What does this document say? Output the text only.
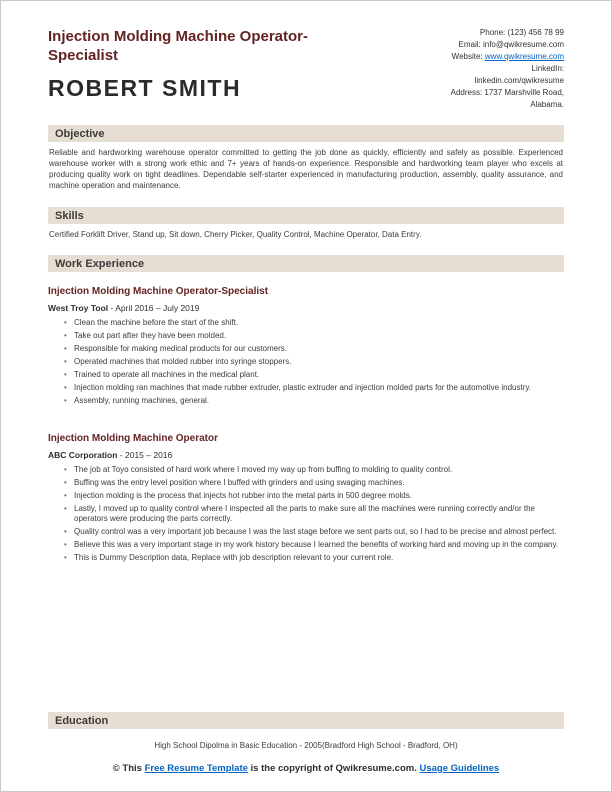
Injection Molding Machine Operator-Specialist
ROBERT SMITH
Phone: (123) 456 78 99
Email: info@qwikresume.com
Website: www.qwikresume.com
LinkedIn:
linkedin.com/qwikresume
Address: 1737 Marshville Road,
Alabama.
Objective

Reliable and hardworking warehouse operator committed to getting the job done as quickly, efficiently and safely as possible. Experienced warehouse worker with a strong work ethic and 7+ years of hands-on experience. Responsible and hardworking team player who excels at producing quality work on tight deadlines. Dependable self-starter experienced in manufacturing production, assembly, quality assurance, and machine operation and maintenance.

Skills

Certified Forklift Driver, Stand up, Sit down, Cherry Picker, Quality Control, Machine Operator, Data Entry.

Work Experience
Injection Molding Machine Operator-Specialist
West Troy Tool - April 2016 – July 2019
• Clean the machine before the start of the shift.
• Take out part after they have been molded.
• Responsible for making medical products for our customers.
• Operated machines that molded rubber into syringe stoppers.
• Trained to operate all machines in the medical plant.
• Injection molding ran machines that made rubber extruder, plastic extruder and injection molded parts for the automotive industry.
• Assembly, running machines, general.
Injection Molding Machine Operator
ABC Corporation - 2015 – 2016
• The job at Toyo consisted of hard work where I moved my way up from buffing to molding to quality control.
• Buffing was the entry level position where I buffed with grinders and using swaging machines.
• Injection molding is the process that injects hot rubber into the metal parts in 500 degree molds.
• Lastly, I moved up to quality control where I inspected all the parts to make sure all the machines were running correctly and/or the operators were producing the parts correctly.
• Quality control was a very important job because I was the last stage before we sent parts out, so I had to be precise and almost perfect.
• Believe this was a very important stage in my work history because I learned the benefits of working hard and moving up in the company.
• This is Dummy Description data, Replace with job description relevant to your current role.
Education
High School Dipolma in Basic Education - 2005(Bradford High School - Bradford, OH)
© This Free Resume Template is the copyright of Qwikresume.com. Usage Guidelines
